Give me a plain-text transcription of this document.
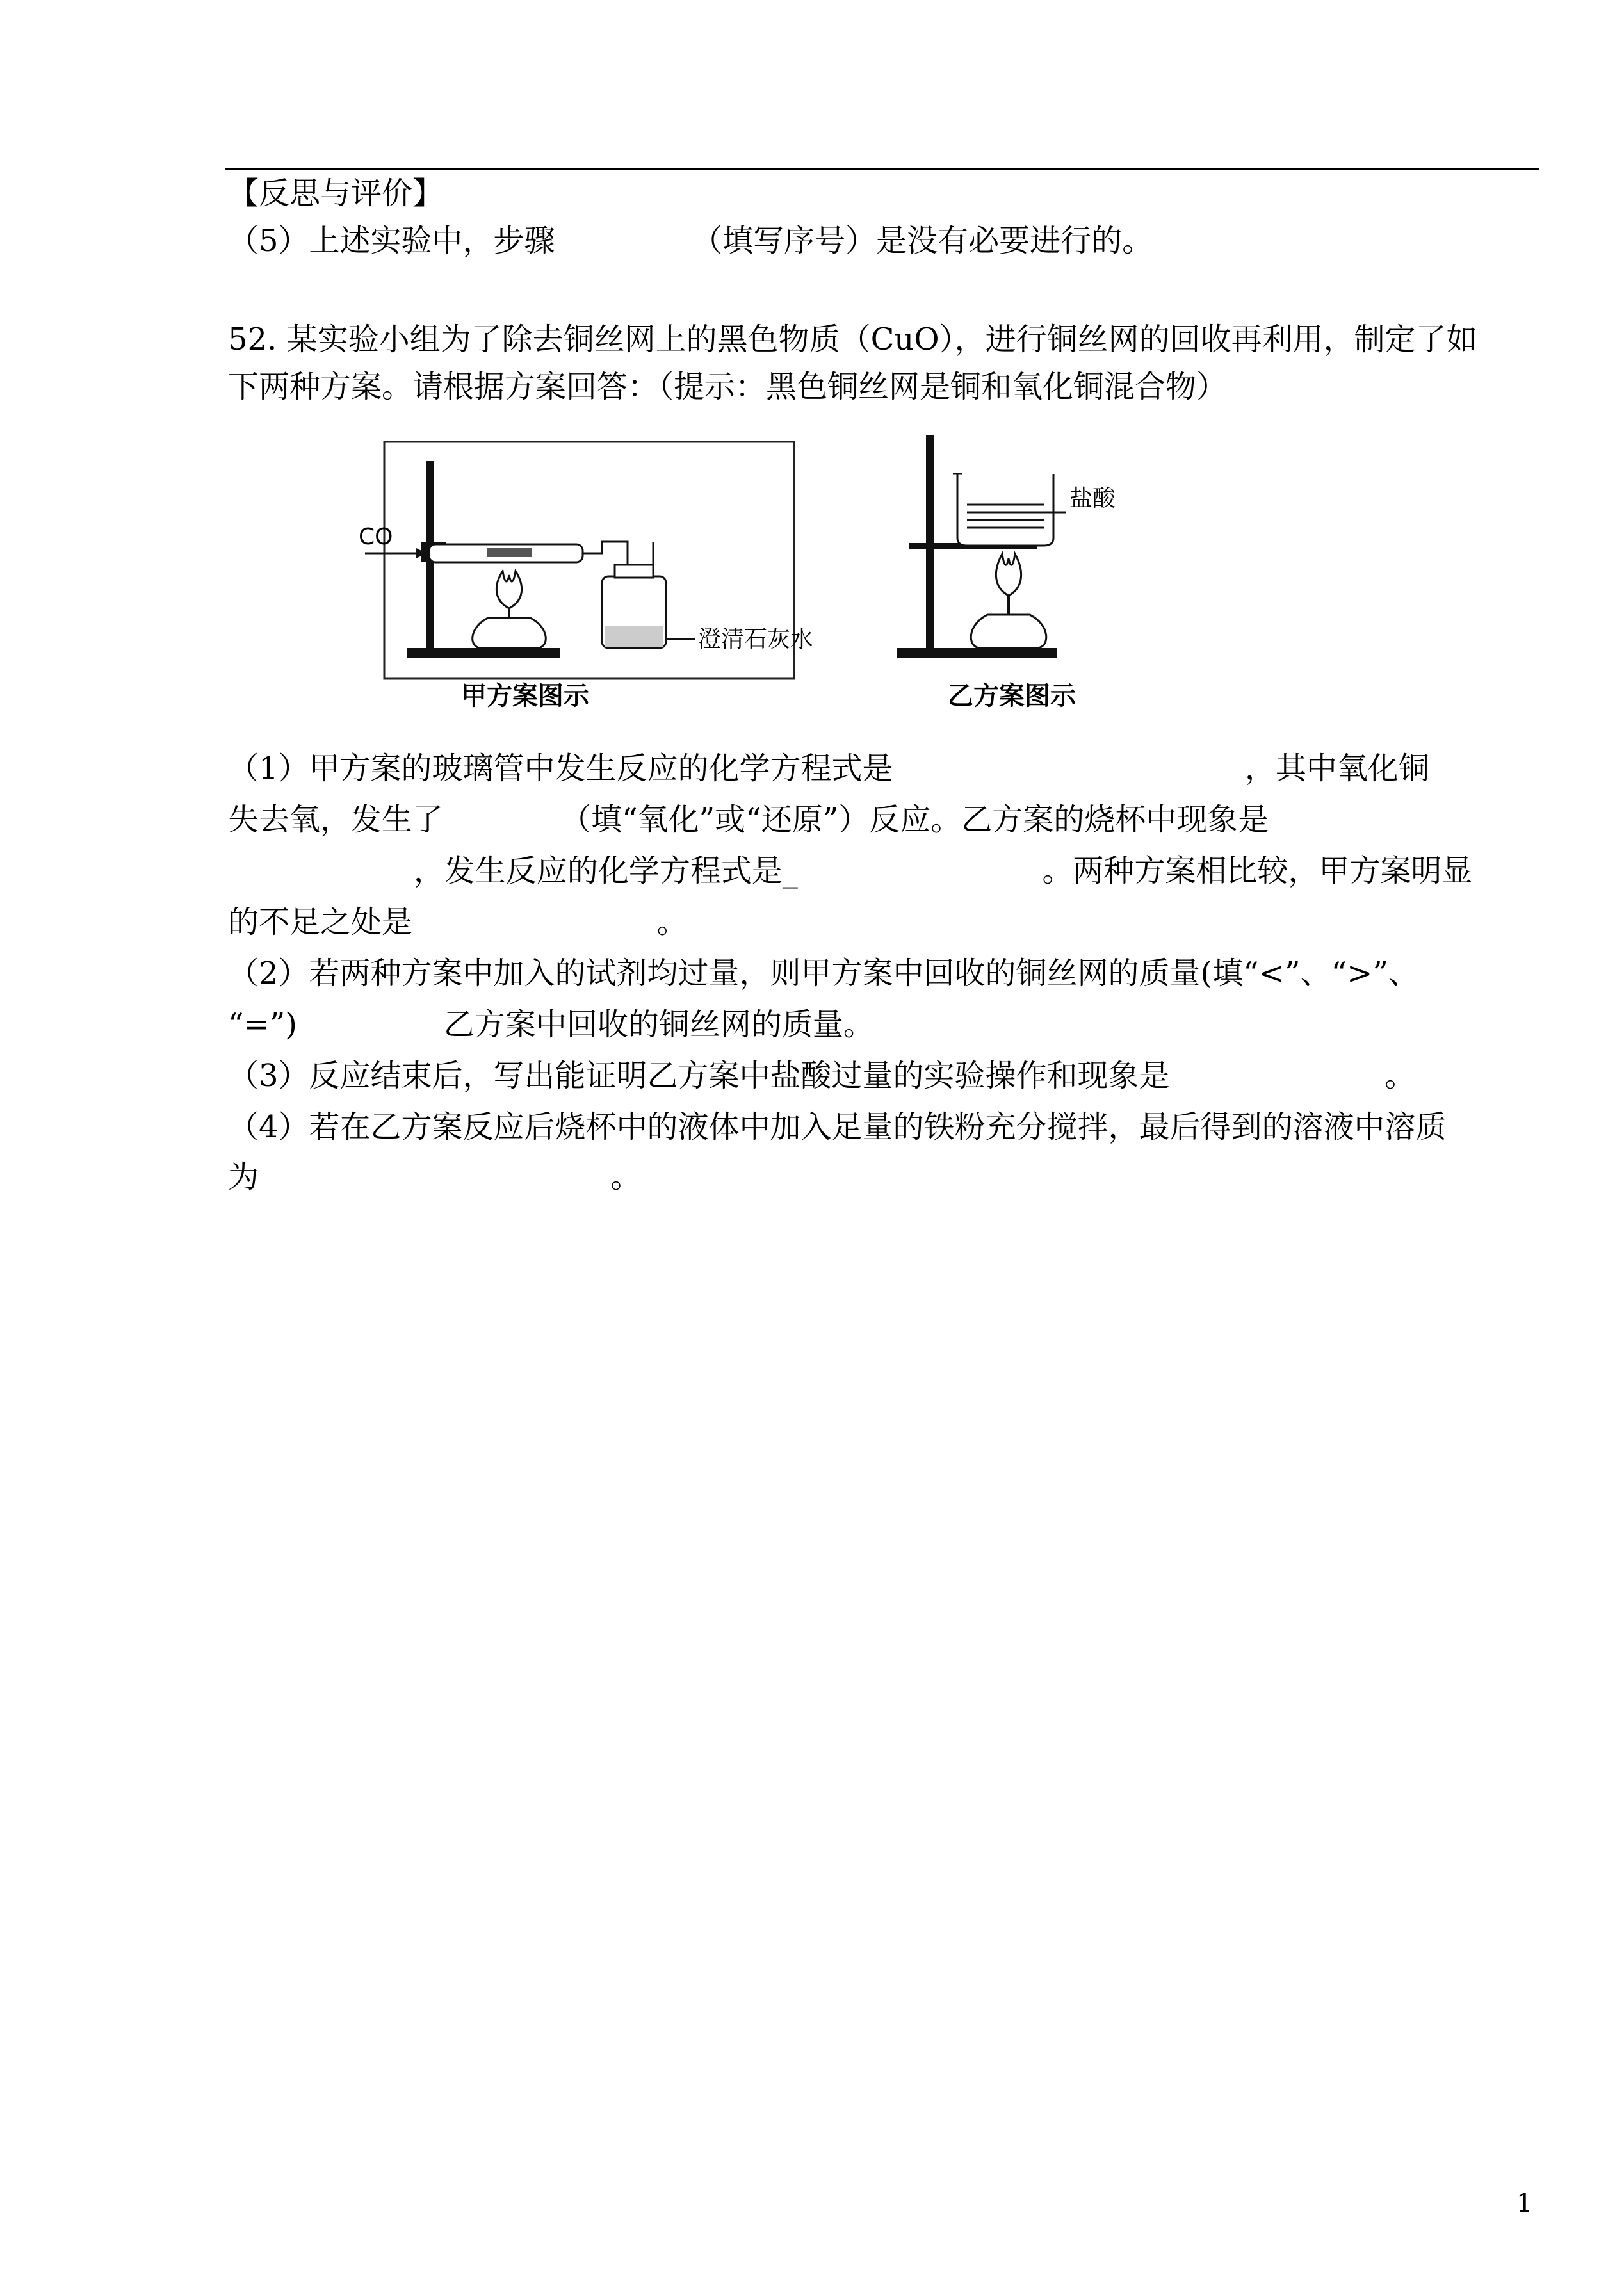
【反思与评价】
（5）上述实验中，步骤              （填写序号）是没有必要进行的。
52. 某实验小组为了除去铜丝网上的黑色物质（CuO），进行铜丝网的回收再利用，制定了如
下两种方案。请根据方案回答：（提示：黑色铜丝网是铜和氧化铜混合物）
CO
澄清石灰水
甲方案图示
盐酸
乙方案图示
（1）甲方案的玻璃管中发生反应的化学方程式是                                    ，其中氧化铜
失去氧，发生了            （填“氧化”或“还原”）反应。乙方案的烧杯中现象是
，发生反应的化学方程式是_                         。两种方案相比较，甲方案明显
的不足之处是                         。
（2）若两种方案中加入的试剂均过量，则甲方案中回收的铜丝网的质量(填“<”、“>”、
“=”)               乙方案中回收的铜丝网的质量。
（3）反应结束后，写出能证明乙方案中盐酸过量的实验操作和现象是                      。
（4）若在乙方案反应后烧杯中的液体中加入足量的铁粉充分搅拌，最后得到的溶液中溶质
为                                    。
1
